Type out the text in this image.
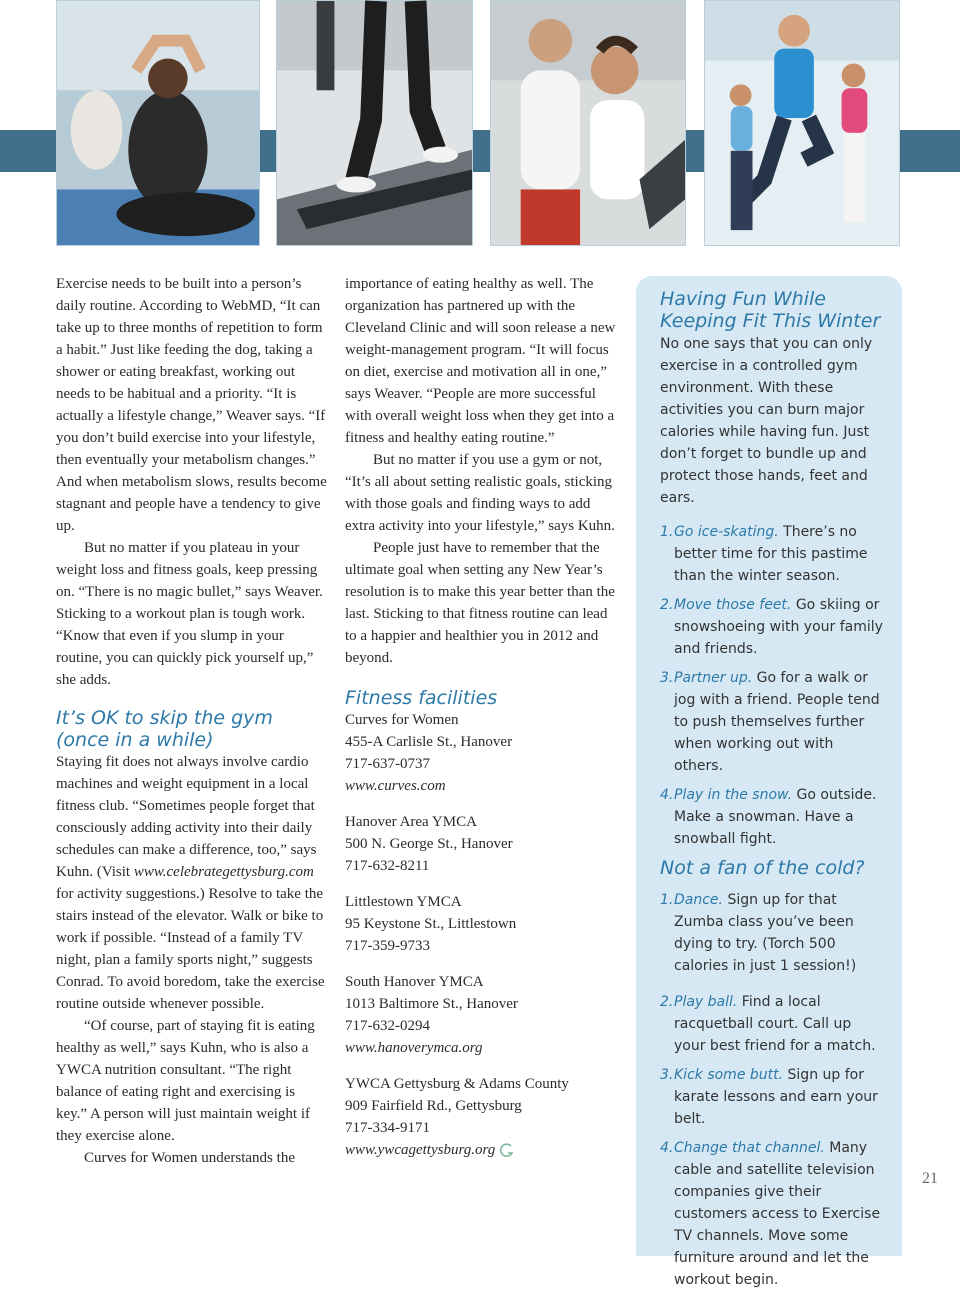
Exercise needs to be built into a person’s daily routine. According to WebMD, “It can take up to three months of repetition to form a habit.” Just like feeding the dog, taking a shower or eating breakfast, working out needs to be habitual and a priority. “It is actually a lifestyle change,” Weaver says. “If you don’t build exercise into your lifestyle, then eventually your metabolism changes.” And when metabolism slows, results become stagnant and people have a tendency to give up.

But no matter if you plateau in your weight loss and fitness goals, keep pressing on. “There is no magic bullet,” says Weaver. Sticking to a workout plan is tough work. “Know that even if you slump in your routine, you can quickly pick yourself up,” she adds.

It’s OK to skip the gym
(once in a while)

Staying fit does not always involve cardio machines and weight equipment in a local fitness club. “Sometimes people forget that consciously adding activity into their daily schedules can make a difference, too,” says Kuhn. (Visit www.celebrategettysburg.com for activity suggestions.) Resolve to take the stairs instead of the elevator. Walk or bike to work if possible. “Instead of a family TV night, plan a family sports night,” suggests Conrad. To avoid boredom, take the exercise routine outside whenever possible.

“Of course, part of staying fit is eating healthy as well,” says Kuhn, who is also a YWCA nutrition consultant. “The right balance of eating right and exercising is key.” A person will just maintain weight if they exercise alone.

Curves for Women understands the

importance of eating healthy as well. The organization has partnered up with the Cleveland Clinic and will soon release a new weight-management program. “It will focus on diet, exercise and motivation all in one,” says Weaver. “People are more successful with overall weight loss when they get into a fitness and healthy eating routine.”

But no matter if you use a gym or not, “It’s all about setting realistic goals, sticking with those goals and finding ways to add extra activity into your lifestyle,” says Kuhn.

People just have to remember that the ultimate goal when setting any New Year’s resolution is to make this year better than the last. Sticking to that fitness routine can lead to a happier and healthier you in 2012 and beyond.

Fitness facilities
Curves for Women
455-A Carlisle St., Hanover
717-637-0737
www.curves.com
Hanover Area YMCA
500 N. George St., Hanover
717-632-8211
Littlestown YMCA
95 Keystone St., Littlestown
717-359-9733
South Hanover YMCA
1013 Baltimore St., Hanover
717-632-0294
www.hanoverymca.org
YWCA Gettysburg & Adams County
909 Fairfield Rd., Gettysburg
717-334-9171
www.ywcagettysburg.org
Having Fun While
Keeping Fit This Winter

No one says that you can only exercise in a controlled gym environment. With these activities you can burn major calories while having fun. Just don’t forget to bundle up and protect those hands, feet and ears.

1. Go ice-skating. There’s no better time for this pastime than the winter season.
2. Move those feet. Go skiing or snowshoeing with your family and friends.
3. Partner up. Go for a walk or jog with a friend. People tend to push themselves further when working out with others.
4. Play in the snow. Go outside. Make a snowman. Have a snowball fight.
Not a fan of the cold?
1. Dance. Sign up for that Zumba class you’ve been dying to try. (Torch 500 calories in just 1 session!)
2. Play ball. Find a local racquetball court. Call up your best friend for a match.
3. Kick some butt. Sign up for karate lessons and earn your belt.
4. Change that channel. Many cable and satellite television companies give their customers access to Exercise TV channels. Move some furniture around and let the workout begin.
21
